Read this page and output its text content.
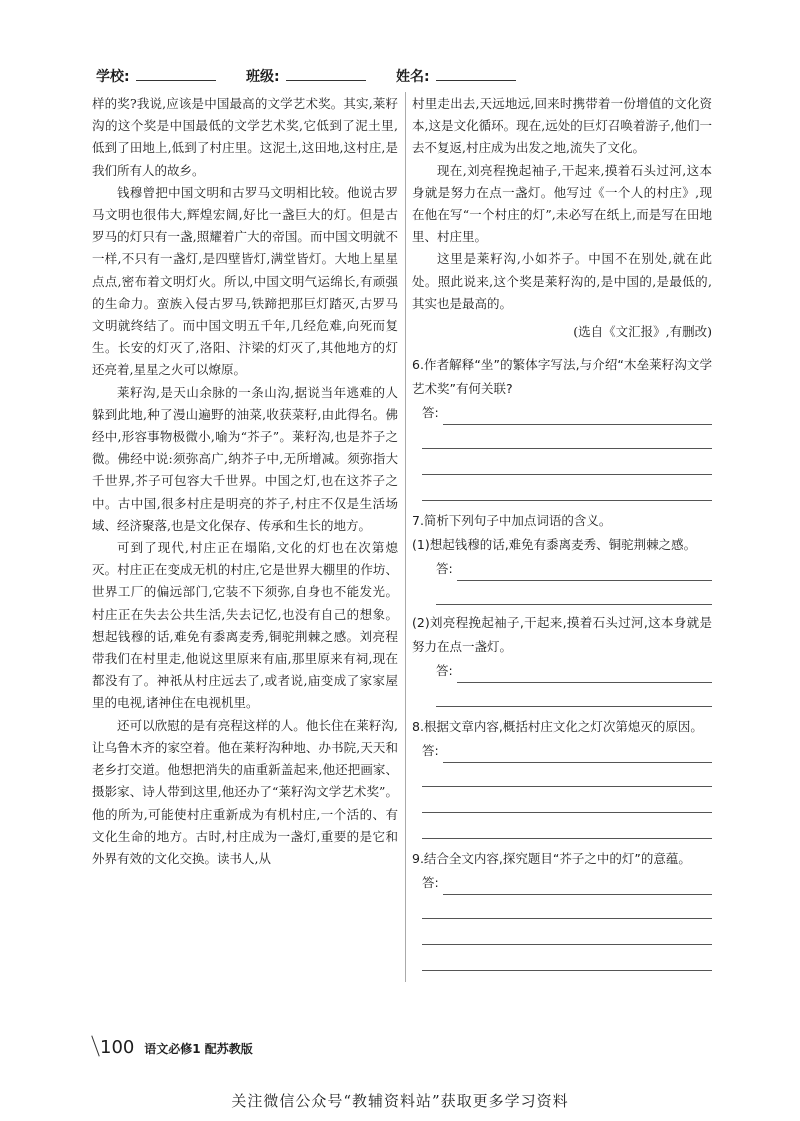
学校:	班级:	姓名:

样的奖?我说,应该是中国最高的文学艺术奖。其实,莱籽沟的这个奖是中国最低的文学艺术奖,它低到了泥土里,低到了田地上,低到了村庄里。这泥土,这田地,这村庄,是我们所有人的故乡。

钱穆曾把中国文明和古罗马文明相比较。他说古罗马文明也很伟大,辉煌宏阔,好比一盏巨大的灯。但是古罗马的灯只有一盏,照耀着广大的帝国。而中国文明就不一样,不只有一盏灯,是四壁皆灯,满堂皆灯。大地上星星点点,密布着文明灯火。所以,中国文明气运绵长,有顽强的生命力。蛮族入侵古罗马,铁蹄把那巨灯踏灭,古罗马文明就终结了。而中国文明五千年,几经危难,向死而复生。长安的灯灭了,洛阳、汴梁的灯灭了,其他地方的灯还亮着,星星之火可以燎原。

莱籽沟,是天山余脉的一条山沟,据说当年逃难的人躲到此地,种了漫山遍野的油菜,收获菜籽,由此得名。佛经中,形容事物极微小,喻为“芥子”。莱籽沟,也是芥子之微。佛经中说:须弥高广,纳芥子中,无所增减。须弥指大千世界,芥子可包容大千世界。中国之灯,也在这芥子之中。古中国,很多村庄是明亮的芥子,村庄不仅是生活场域、经济聚落,也是文化保存、传承和生长的地方。

可到了现代,村庄正在塌陷,文化的灯也在次第熄灭。村庄正在变成无机的村庄,它是世界大棚里的作坊、世界工厂的偏远部门,它装不下须弥,自身也不能发光。村庄正在失去公共生活,失去记忆,也没有自己的想象。想起钱穆的话,难免有黍离麦秀,铜驼荆棘之感。刘亮程带我们在村里走,他说这里原来有庙,那里原来有祠,现在都没有了。神祇从村庄远去了,或者说,庙变成了家家屋里的电视,诸神住在电视机里。

还可以欣慰的是有亮程这样的人。他长住在莱籽沟,让乌鲁木齐的家空着。他在莱籽沟种地、办书院,天天和老乡打交道。他想把消失的庙重新盖起来,他还把画家、摄影家、诗人带到这里,他还办了“莱籽沟文学艺术奖”。他的所为,可能使村庄重新成为有机村庄,一个活的、有文化生命的地方。古时,村庄成为一盏灯,重要的是它和外界有效的文化交换。读书人,从

村里走出去,天远地远,回来时携带着一份增值的文化资本,这是文化循环。现在,远处的巨灯召唤着游子,他们一去不复返,村庄成为出发之地,流失了文化。

现在,刘亮程挽起袖子,干起来,摸着石头过河,这本身就是努力在点一盏灯。他写过《一个人的村庄》,现在他在写“一个村庄的灯”,未必写在纸上,而是写在田地里、村庄里。

这里是莱籽沟,小如芥子。中国不在别处,就在此处。照此说来,这个奖是莱籽沟的,是中国的,是最低的,其实也是最高的。

(选自《文汇报》,有删改)
6.作者解释“坐”的繁体字写法,与介绍“木垒莱籽沟文学艺术奖”有何关联?
答:
7.简析下列句子中加点词语的含义。
(1)想起钱穆的话,难免有黍离麦秀、铜驼荆棘之感。
答:
(2)刘亮程挽起袖子,干起来,摸着石头过河,这本身就是努力在点一盏灯。
答:
8.根据文章内容,概括村庄文化之灯次第熄灭的原因。
答:
9.结合全文内容,探究题目“芥子之中的灯”的意蕴。
答:
100 语文必修1 配苏教版
关注微信公众号“教辅资料站”获取更多学习资料
